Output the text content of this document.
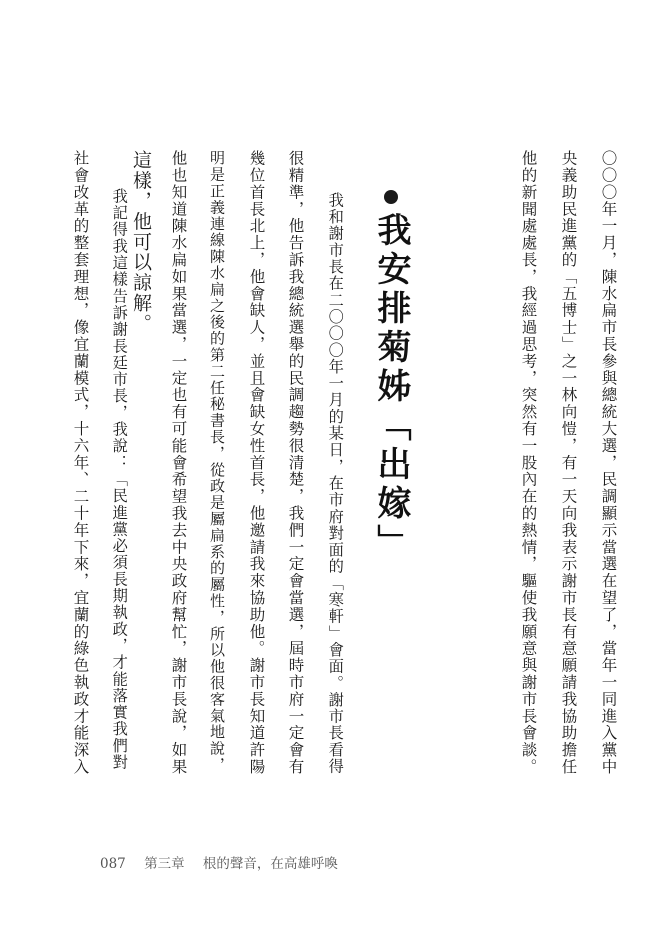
〇〇〇年一月，陳水扁市長參與總統大選，民調顯示當選在望了，當年一同進入黨中
央義助民進黨的「五博士」之一林向愷，有一天向我表示謝市長有意願請我協助擔任
他的新聞處處長，我經過思考，突然有一股內在的熱情，驅使我願意與謝市長會談。
我安排菊姊「出嫁」
我和謝市長在二〇〇〇年一月的某日，在市府對面的「寒軒」會面。謝市長看得
很精準，他告訴我總統選舉的民調趨勢很清楚，我們一定會當選，屆時市府一定會有
幾位首長北上，他會缺人，並且會缺女性首長，他邀請我來協助他。謝市長知道許陽
明是正義連線陳水扁之後的第二任秘書長，從政是屬扁系的屬性，所以他很客氣地說，
他也知道陳水扁如果當選，一定也有可能會希望我去中央政府幫忙，謝市長說，如果
這樣，他可以諒解。
我記得我這樣告訴謝長廷市長，我說：「民進黨必須長期執政，才能落實我們對
社會改革的整套理想，像宜蘭模式，十六年、二十年下來，宜蘭的綠色執政才能深入
087 第三章 根的聲音，在高雄呼喚
